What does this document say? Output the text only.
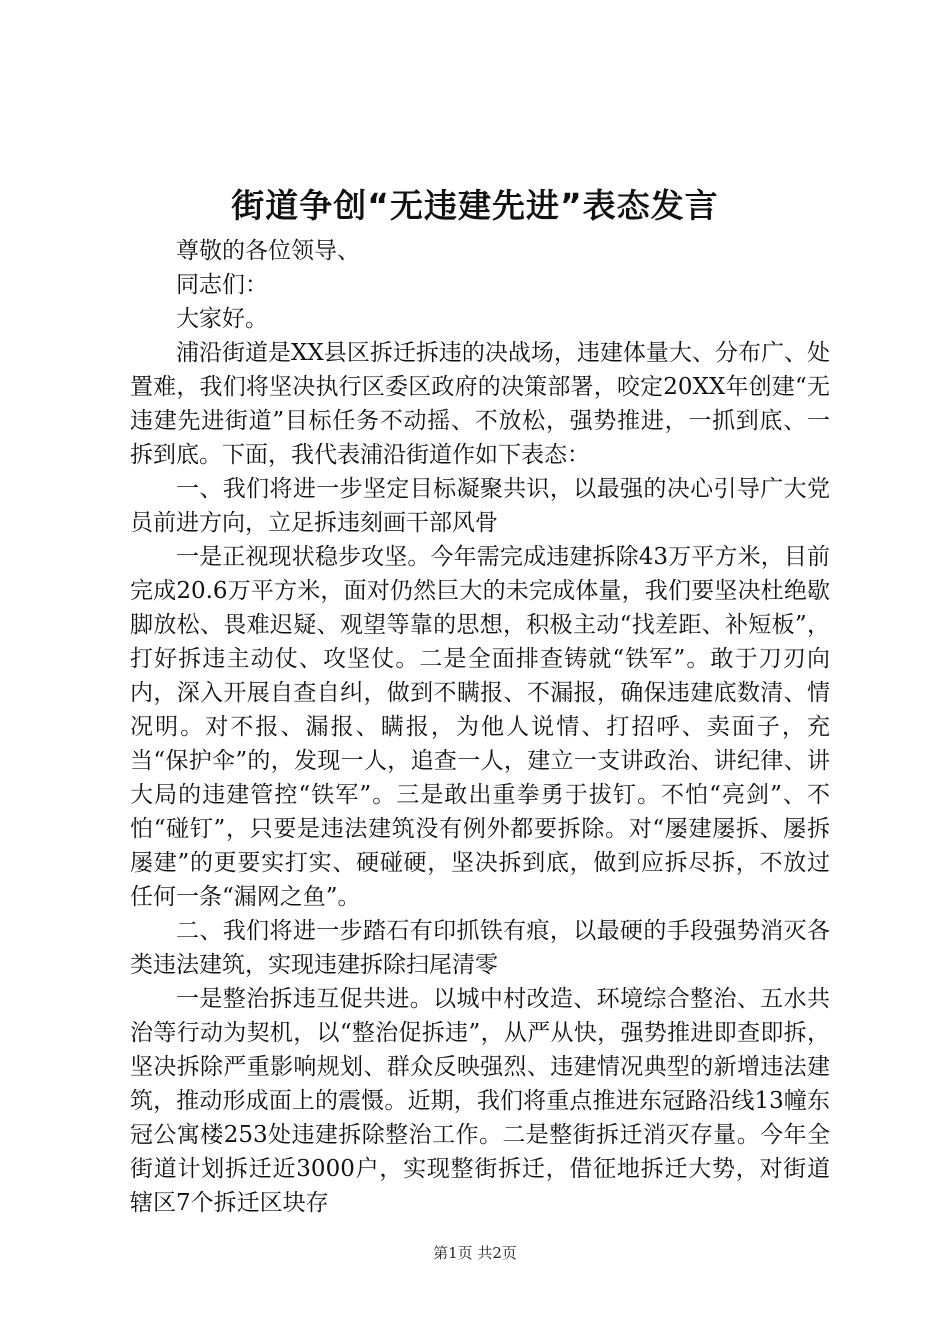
街道争创“无违建先进”表态发言

尊敬的各位领导、

同志们：

大家好。

浦沿街道是XX县区拆迁拆违的决战场，违建体量大、分布广、处置难，我们将坚决执行区委区政府的决策部署，咬定20XX年创建“无违建先进街道”目标任务不动摇、不放松，强势推进，一抓到底、一拆到底。下面，我代表浦沿街道作如下表态：

一、我们将进一步坚定目标凝聚共识，以最强的决心引导广大党员前进方向，立足拆违刻画干部风骨

一是正视现状稳步攻坚。今年需完成违建拆除43万平方米，目前完成20.6万平方米，面对仍然巨大的未完成体量，我们要坚决杜绝歇脚放松、畏难迟疑、观望等靠的思想，积极主动“找差距、补短板”，打好拆违主动仗、攻坚仗。二是全面排查铸就“铁军”。敢于刀刃向内，深入开展自查自纠，做到不瞒报、不漏报，确保违建底数清、情况明。对不报、漏报、瞒报，为他人说情、打招呼、卖面子，充当“保护伞”的，发现一人，追查一人，建立一支讲政治、讲纪律、讲大局的违建管控“铁军”。三是敢出重拳勇于拔钉。不怕“亮剑”、不怕“碰钉”，只要是违法建筑没有例外都要拆除。对“屡建屡拆、屡拆屡建”的更要实打实、硬碰硬，坚决拆到底，做到应拆尽拆，不放过任何一条“漏网之鱼”。

二、我们将进一步踏石有印抓铁有痕，以最硬的手段强势消灭各类违法建筑，实现违建拆除扫尾清零

一是整治拆违互促共进。以城中村改造、环境综合整治、五水共治等行动为契机，以“整治促拆违”，从严从快，强势推进即查即拆，坚决拆除严重影响规划、群众反映强烈、违建情况典型的新增违法建筑，推动形成面上的震慑。近期，我们将重点推进东冠路沿线13幢东冠公寓楼253处违建拆除整治工作。二是整街拆迁消灭存量。今年全街道计划拆迁近3000户，实现整街拆迁，借征地拆迁大势，对街道辖区7个拆迁区块存

第1页 共2页
